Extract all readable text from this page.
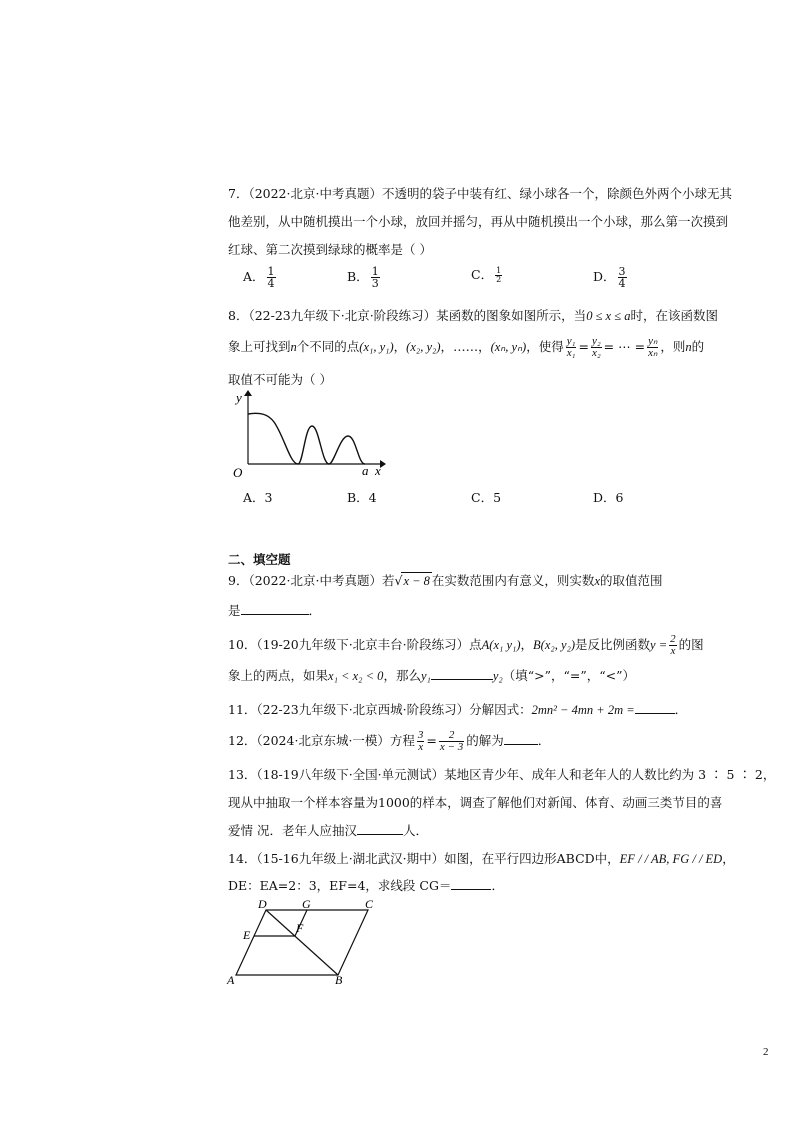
7．（2022·北京·中考真题）不透明的袋子中装有红、绿小球各一个，除颜色外两个小球无其
他差别，从中随机摸出一个小球，放回并摇匀，再从中随机摸出一个小球，那么第一次摸到
红球、第二次摸到绿球的概率是（ ）
A． $\frac{1}{4}$	B． $\frac{1}{3}$	C． $\frac{1}{2}$	D． $\frac{3}{4}$
8．（22-23九年级下·北京·阶段练习）某函数的图象如图所示，当0 ≤ x ≤ a时，在该函数图
象上可找到n个不同的点(x₁, y₁)，(x₂, y₂)，……，(xₙ, yₙ)，使得 $\frac{\text{y₁}}{\text{x₁}} = \frac{\text{y₂}}{\text{x₂}}$ = ⋯ = $\frac{\text{yₙ}}{\text{xₙ}}$ ，则n的
取值不可能为（ ）
y
x
O	a
A．3	B．4	C．5	D．6
二、填空题
9．（2022·北京·中考真题）若√x − 8 在实数范围内有意义，则实数x的取值范围
是	．
10．（19-20九年级下·北京丰台·阶段练习）点A(x₁ y₁)，B(x₂, y₂)是反比例函数$y = \frac{2}{x}$ 的图
象上的两点，如果x₁ < x₂ < 0，那么y₁	y₂（填“>”，“=”，“<”）
11．（22-23九年级下·北京西城·阶段练习）分解因式：2mn² − 4mn + 2m =	．
12．（2024·北京东城·一模）方程 $\frac{3}{x} = \frac{2}{x - 3}$ 的解为	．
13．（18-19八年级下·全国·单元测试）某地区青少年、成年人和老年人的人数比约为 3 ∶ 5 ∶ 2，
现从中抽取一个样本容量为1000的样本，调查了解他们对新闻、体育、动画三类节目的喜
爱情 况．老年人应抽汉	人．
14．（15-16九年级上·湖北武汉·期中）如图，在平行四边形ABCD中，EF / / AB, FG / / ED，
DE：EA=2：3，EF=4，求线段 CG＝	．
D	G	C
E	F
A	B
2
